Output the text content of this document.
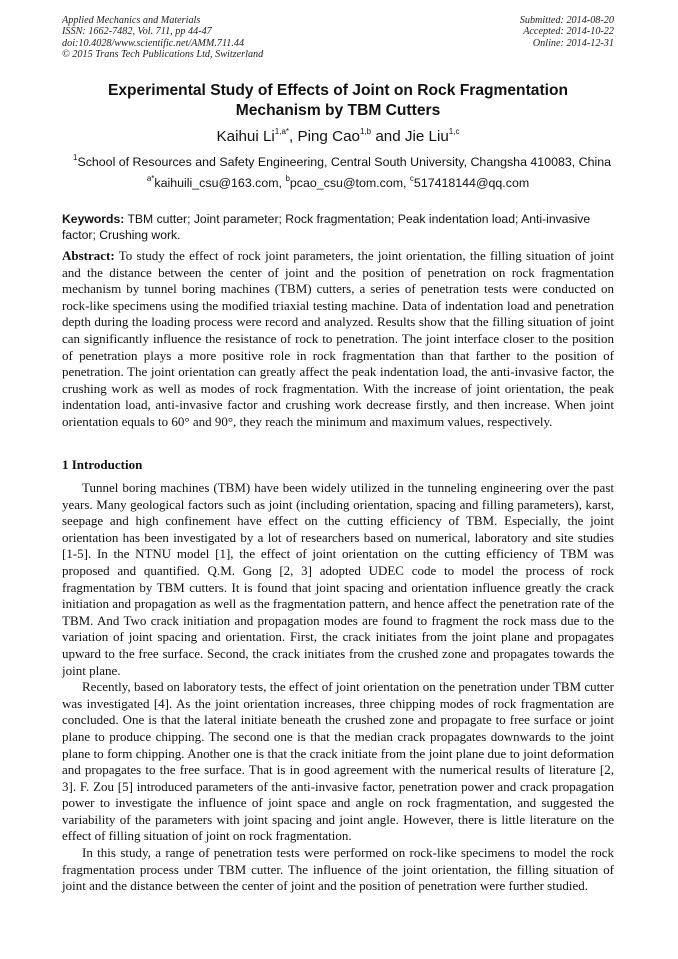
Applied Mechanics and Materials
ISSN: 1662-7482, Vol. 711, pp 44-47
doi:10.4028/www.scientific.net/AMM.711.44
© 2015 Trans Tech Publications Ltd, Switzerland
Submitted: 2014-08-20
Accepted: 2014-10-22
Online: 2014-12-31
Experimental Study of Effects of Joint on Rock Fragmentation
Mechanism by TBM Cutters
Kaihui $Li^{1,a*}$, Ping Cao$^{1,b}$ and Jie Liu$^{1,c}$
$^1$School of Resources and Safety Engineering, Central South University, Changsha 410083, China
$^{a*}$kaihuili_csu@163.com, $^b$pcao_csu@tom.com, $^c$517418144@qq.com
Keywords: TBM cutter; Joint parameter; Rock fragmentation; Peak indentation load; Anti-invasive factor; Crushing work.
Abstract: To study the effect of rock joint parameters, the joint orientation, the filling situation of joint and the distance between the center of joint and the position of penetration on rock fragmentation mechanism by tunnel boring machines (TBM) cutters, a series of penetration tests were conducted on rock-like specimens using the modified triaxial testing machine. Data of indentation load and penetration depth during the loading process were record and analyzed. Results show that the filling situation of joint can significantly influence the resistance of rock to penetration. The joint interface closer to the position of penetration plays a more positive role in rock fragmentation than that farther to the position of penetration. The joint orientation can greatly affect the peak indentation load, the anti-invasive factor, the crushing work as well as modes of rock fragmentation. With the increase of joint orientation, the peak indentation load, anti-invasive factor and crushing work decrease firstly, and then increase. When joint orientation equals to 60° and 90°, they reach the minimum and maximum values, respectively.
1 Introduction

Tunnel boring machines (TBM) have been widely utilized in the tunneling engineering over the past years. Many geological factors such as joint (including orientation, spacing and filling parameters), karst, seepage and high confinement have effect on the cutting efficiency of TBM. Especially, the joint orientation has been investigated by a lot of researchers based on numerical, laboratory and site studies [1-5]. In the NTNU model [1], the effect of joint orientation on the cutting efficiency of TBM was proposed and quantified. Q.M. Gong [2, 3] adopted UDEC code to model the process of rock fragmentation by TBM cutters. It is found that joint spacing and orientation influence greatly the crack initiation and propagation as well as the fragmentation pattern, and hence affect the penetration rate of the TBM. And Two crack initiation and propagation modes are found to fragment the rock mass due to the variation of joint spacing and orientation. First, the crack initiates from the joint plane and propagates upward to the free surface. Second, the crack initiates from the crushed zone and propagates towards the joint plane.

Recently, based on laboratory tests, the effect of joint orientation on the penetration under TBM cutter was investigated [4]. As the joint orientation increases, three chipping modes of rock fragmentation are concluded. One is that the lateral initiate beneath the crushed zone and propagate to free surface or joint plane to produce chipping. The second one is that the median crack propagates downwards to the joint plane to form chipping. Another one is that the crack initiate from the joint plane due to joint deformation and propagates to the free surface. That is in good agreement with the numerical results of literature [2, 3]. F. Zou [5] introduced parameters of the anti-invasive factor, penetration power and crack propagation power to investigate the influence of joint space and angle on rock fragmentation, and suggested the variability of the parameters with joint spacing and joint angle. However, there is little literature on the effect of filling situation of joint on rock fragmentation.

In this study, a range of penetration tests were performed on rock-like specimens to model the rock fragmentation process under TBM cutter. The influence of the joint orientation, the filling situation of joint and the distance between the center of joint and the position of penetration were further studied.
